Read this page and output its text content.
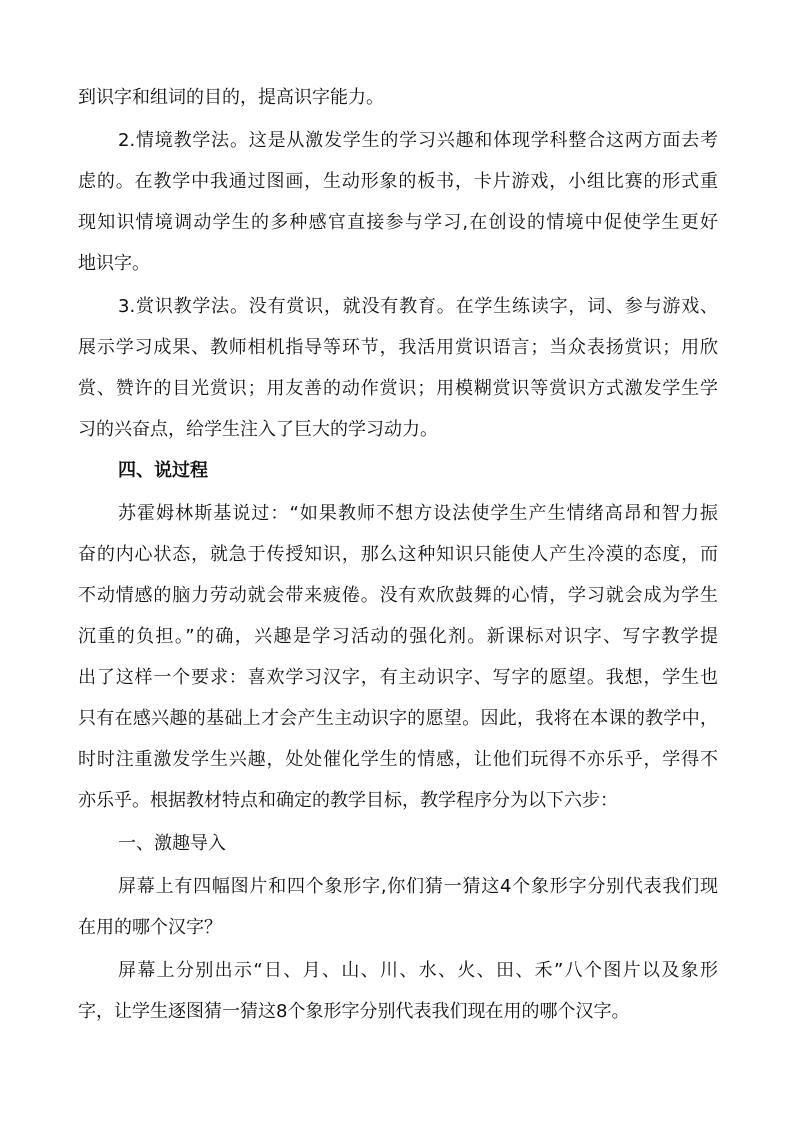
到识字和组词的目的，提高识字能力。
2.情境教学法。这是从激发学生的学习兴趣和体现学科整合这两方面去考
虑的。在教学中我通过图画，生动形象的板书，卡片游戏，小组比赛的形式重
现知识情境调动学生的多种感官直接参与学习,在创设的情境中促使学生更好
地识字。
3.赏识教学法。没有赏识，就没有教育。在学生练读字，词、参与游戏、
展示学习成果、教师相机指导等环节，我活用赏识语言；当众表扬赏识；用欣
赏、赞许的目光赏识；用友善的动作赏识；用模糊赏识等赏识方式激发学生学
习的兴奋点，给学生注入了巨大的学习动力。
四、说过程
苏霍姆林斯基说过：“如果教师不想方设法使学生产生情绪高昂和智力振
奋的内心状态，就急于传授知识，那么这种知识只能使人产生冷漠的态度，而
不动情感的脑力劳动就会带来疲倦。没有欢欣鼓舞的心情，学习就会成为学生
沉重的负担。”的确，兴趣是学习活动的强化剂。新课标对识字、写字教学提
出了这样一个要求：喜欢学习汉字，有主动识字、写字的愿望。我想，学生也
只有在感兴趣的基础上才会产生主动识字的愿望。因此，我将在本课的教学中，
时时注重激发学生兴趣，处处催化学生的情感，让他们玩得不亦乐乎，学得不
亦乐乎。根据教材特点和确定的教学目标，教学程序分为以下六步：
一、激趣导入
屏幕上有四幅图片和四个象形字,你们猜一猜这4个象形字分别代表我们现
在用的哪个汉字？
屏幕上分别出示“日、月、山、川、水、火、田、禾”八个图片以及象形
字，让学生逐图猜一猜这8个象形字分别代表我们现在用的哪个汉字。
